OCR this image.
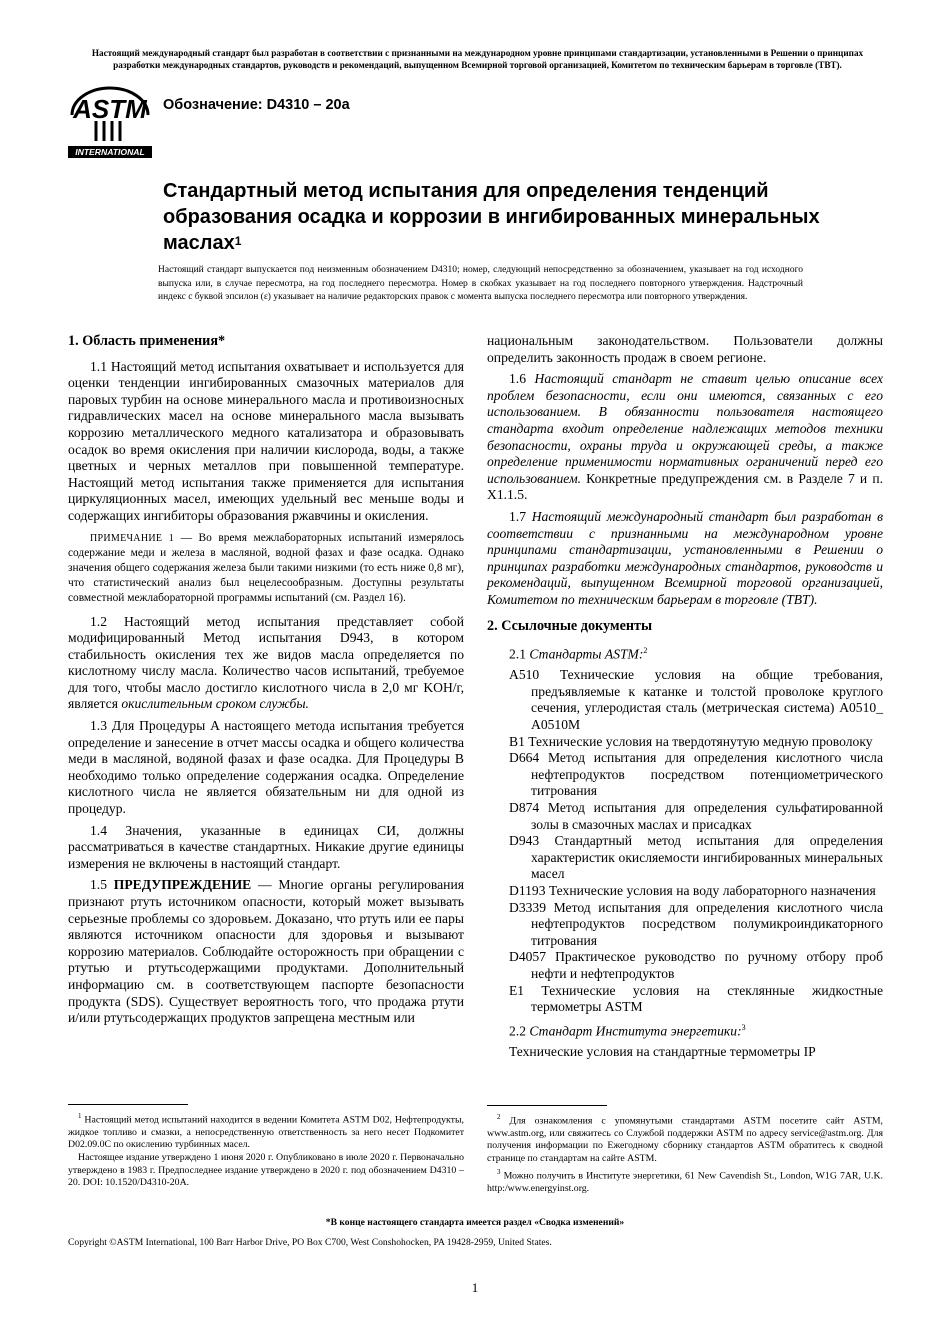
Настоящий международный стандарт был разработан в соответствии с признанными на международном уровне принципами стандартизации, установленными в Решении о принципах разработки международных стандартов, руководств и рекомендаций, выпущенном Всемирной торговой организацией, Комитетом по техническим барьерам в торговле (ТВТ).
ASTM
INTERNATIONAL
Обозначение: D4310 – 20a
Стандартный метод испытания для определения тенденций образования осадка и коррозии в ингибированных минеральных маслах$^1$
Настоящий стандарт выпускается под неизменным обозначением D4310; номер, следующий непосредственно за обозначением, указывает на год исходного выпуска или, в случае пересмотра, на год последнего пересмотра. Номер в скобках указывает на год последнего повторного утверждения. Надстрочный индекс с буквой эпсилон (ε) указывает на наличие редакторских правок с момента выпуска последнего пересмотра или повторного утверждения.
1. Область применения*

1.1 Настоящий метод испытания охватывает и используется для оценки тенденции ингибированных смазочных материалов для паровых турбин на основе минерального масла и противоизносных гидравлических масел на основе минерального масла вызывать коррозию металлического медного катализатора и образовывать осадок во время окисления при наличии кислорода, воды, а также цветных и черных металлов при повышенной температуре. Настоящий метод испытания также применяется для испытания циркуляционных масел, имеющих удельный вес меньше воды и содержащих ингибиторы образования ржавчины и окисления.

ПРИМЕЧАНИЕ 1 — Во время межлабораторных испытаний измерялось содержание меди и железа в масляной, водной фазах и фазе осадка. Однако значения общего содержания железа были такими низкими (то есть ниже 0,8 мг), что статистический анализ был нецелесообразным. Доступны результаты совместной межлабораторной программы испытаний (см. Раздел 16).

1.2 Настоящий метод испытания представляет собой модифицированный Метод испытания D943, в котором стабильность окисления тех же видов масла определяется по кислотному числу масла. Количество часов испытаний, требуемое для того, чтобы масло достигло кислотного числа в 2,0 мг KOH/г, является окислительным сроком службы.

1.3 Для Процедуры A настоящего метода испытания требуется определение и занесение в отчет массы осадка и общего количества меди в масляной, водяной фазах и фазе осадка. Для Процедуры B необходимо только определение содержания осадка. Определение кислотного числа не является обязательным ни для одной из процедур.

1.4 Значения, указанные в единицах СИ, должны рассматриваться в качестве стандартных. Никакие другие единицы измерения не включены в настоящий стандарт.

1.5 ПРЕДУПРЕЖДЕНИЕ — Многие органы регулирования признают ртуть источником опасности, который может вызывать серьезные проблемы со здоровьем. Доказано, что ртуть или ее пары являются источником опасности для здоровья и вызывают коррозию материалов. Соблюдайте осторожность при обращении с ртутью и ртутьсодержащими продуктами. Дополнительный информацию см. в соответствующем паспорте безопасности продукта (SDS). Существует вероятность того, что продажа ртути и/или ртутьсодержащих продуктов запрещена местным или

национальным законодательством. Пользователи должны определить законность продаж в своем регионе.

1.6 Настоящий стандарт не ставит целью описание всех проблем безопасности, если они имеются, связанных с его использованием. В обязанности пользователя настоящего стандарта входит определение надлежащих методов техники безопасности, охраны труда и окружающей среды, а также определение применимости нормативных ограничений перед его использованием. Конкретные предупреждения см. в Разделе 7 и п. X1.1.5.

1.7 Настоящий международный стандарт был разработан в соответствии с признанными на международном уровне принципами стандартизации, установленными в Решении о принципах разработки международных стандартов, руководств и рекомендаций, выпущенном Всемирной торговой организацией, Комитетом по техническим барьерам в торговле (TBT).

2. Ссылочные документы
2.1 Стандарты ASTM:$^2$
A510 Технические условия на общие требования, предъявляемые к катанке и толстой проволоке круглого сечения, углеродистая сталь (метрическая система) A0510_ A0510M
B1 Технические условия на твердотянутую медную проволоку
D664 Метод испытания для определения кислотного числа нефтепродуктов посредством потенциометрического титрования
D874 Метод испытания для определения сульфатированной золы в смазочных маслах и присадках
D943 Стандартный метод испытания для определения характеристик окисляемости ингибированных минеральных масел
D1193 Технические условия на воду лабораторного назначения
D3339 Метод испытания для определения кислотного числа нефтепродуктов посредством полумикроиндикаторного титрования
D4057 Практическое руководство по ручному отбору проб нефти и нефтепродуктов
E1 Технические условия на стеклянные жидкостные термометры ASTM
2.2 Стандарт Института энергетики:$^3$
Технические условия на стандартные термометры IP

$^1$ Настоящий метод испытаний находится в ведении Комитета ASTM D02, Нефтепродукты, жидкое топливо и смазки, а непосредственную ответственность за него несет Подкомитет D02.09.0C по окислению турбинных масел.

Настоящее издание утверждено 1 июня 2020 г. Опубликовано в июле 2020 г. Первоначально утверждено в 1983 г. Предпоследнее издание утверждено в 2020 г. под обозначением D4310 – 20. DOI: 10.1520/D4310-20A.

$^2$ Для ознакомления с упомянутыми стандартами ASTM посетите сайт ASTM, www.astm.org, или свяжитесь со Службой поддержки ASTM по адресу service@astm.org. Для получения информации по Ежегодному сборнику стандартов ASTM обратитесь к сводной странице по стандартам на сайте ASTM.

$^3$ Можно получить в Институте энергетики, 61 New Cavendish St., London, W1G 7AR, U.K. http:/www.energyinst.org.

*В конце настоящего стандарта имеется раздел «Сводка изменений»
Copyright ©ASTM International, 100 Barr Harbor Drive, PO Box C700, West Conshohocken, PA 19428-2959, United States.
1
